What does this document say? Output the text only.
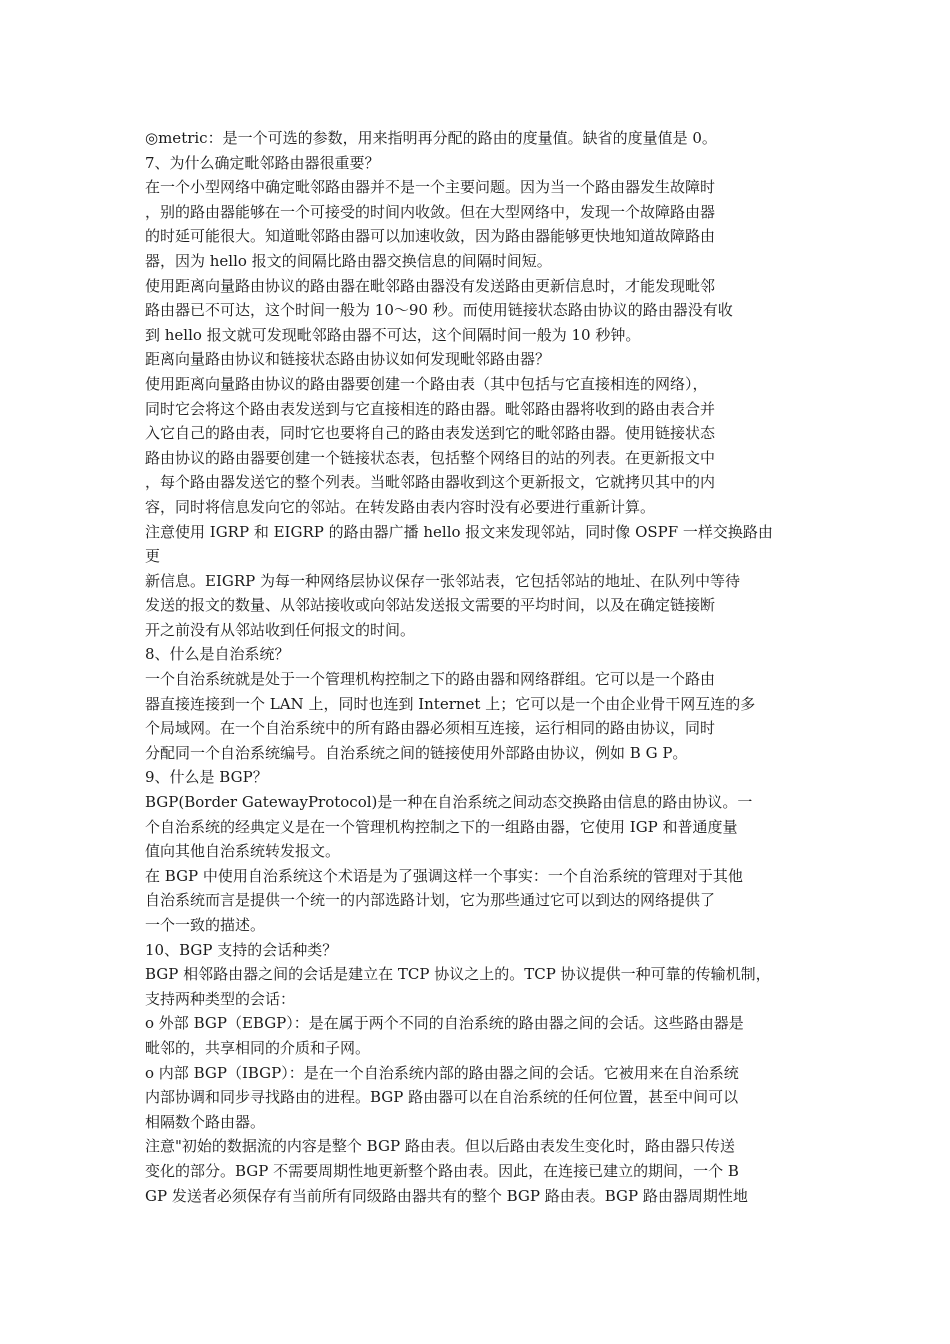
◎metric：是一个可选的参数，用来指明再分配的路由的度量值。缺省的度量值是 0。
7、为什么确定毗邻路由器很重要？
在一个小型网络中确定毗邻路由器并不是一个主要问题。因为当一个路由器发生故障时
，别的路由器能够在一个可接受的时间内收敛。但在大型网络中，发现一个故障路由器
的时延可能很大。知道毗邻路由器可以加速收敛，因为路由器能够更快地知道故障路由
器，因为 hello 报文的间隔比路由器交换信息的间隔时间短。
使用距离向量路由协议的路由器在毗邻路由器没有发送路由更新信息时，才能发现毗邻
路由器已不可达，这个时间一般为 10～90 秒。而使用链接状态路由协议的路由器没有收
到 hello 报文就可发现毗邻路由器不可达，这个间隔时间一般为 10 秒钟。
距离向量路由协议和链接状态路由协议如何发现毗邻路由器？
使用距离向量路由协议的路由器要创建一个路由表（其中包括与它直接相连的网络），
同时它会将这个路由表发送到与它直接相连的路由器。毗邻路由器将收到的路由表合并
入它自己的路由表，同时它也要将自己的路由表发送到它的毗邻路由器。使用链接状态
路由协议的路由器要创建一个链接状态表，包括整个网络目的站的列表。在更新报文中
，每个路由器发送它的整个列表。当毗邻路由器收到这个更新报文，它就拷贝其中的内
容，同时将信息发向它的邻站。在转发路由表内容时没有必要进行重新计算。
注意使用 IGRP 和 EIGRP 的路由器广播 hello 报文来发现邻站，同时像 OSPF 一样交换路由
更
新信息。EIGRP 为每一种网络层协议保存一张邻站表，它包括邻站的地址、在队列中等待
发送的报文的数量、从邻站接收或向邻站发送报文需要的平均时间，以及在确定链接断
开之前没有从邻站收到任何报文的时间。
8、什么是自治系统？
一个自治系统就是处于一个管理机构控制之下的路由器和网络群组。它可以是一个路由
器直接连接到一个 LAN 上，同时也连到 Internet 上；它可以是一个由企业骨干网互连的多
个局域网。在一个自治系统中的所有路由器必须相互连接，运行相同的路由协议，同时
分配同一个自治系统编号。自治系统之间的链接使用外部路由协议，例如 B G P。
9、什么是 BGP？
BGP(Border GatewayProtocol)是一种在自治系统之间动态交换路由信息的路由协议。一
个自治系统的经典定义是在一个管理机构控制之下的一组路由器，它使用 IGP 和普通度量
值向其他自治系统转发报文。
在 BGP 中使用自治系统这个术语是为了强调这样一个事实：一个自治系统的管理对于其他
自治系统而言是提供一个统一的内部选路计划，它为那些通过它可以到达的网络提供了
一个一致的描述。
10、BGP 支持的会话种类？
BGP 相邻路由器之间的会话是建立在 TCP 协议之上的。TCP 协议提供一种可靠的传输机制，
支持两种类型的会话：
o 外部 BGP（EBGP）：是在属于两个不同的自治系统的路由器之间的会话。这些路由器是
毗邻的，共享相同的介质和子网。
o 内部 BGP（IBGP）：是在一个自治系统内部的路由器之间的会话。它被用来在自治系统
内部协调和同步寻找路由的进程。BGP 路由器可以在自治系统的任何位置，甚至中间可以
相隔数个路由器。
注意"初始的数据流的内容是整个 BGP 路由表。但以后路由表发生变化时，路由器只传送
变化的部分。BGP 不需要周期性地更新整个路由表。因此，在连接已建立的期间，一个 B
GP 发送者必须保存有当前所有同级路由器共有的整个 BGP 路由表。BGP 路由器周期性地
